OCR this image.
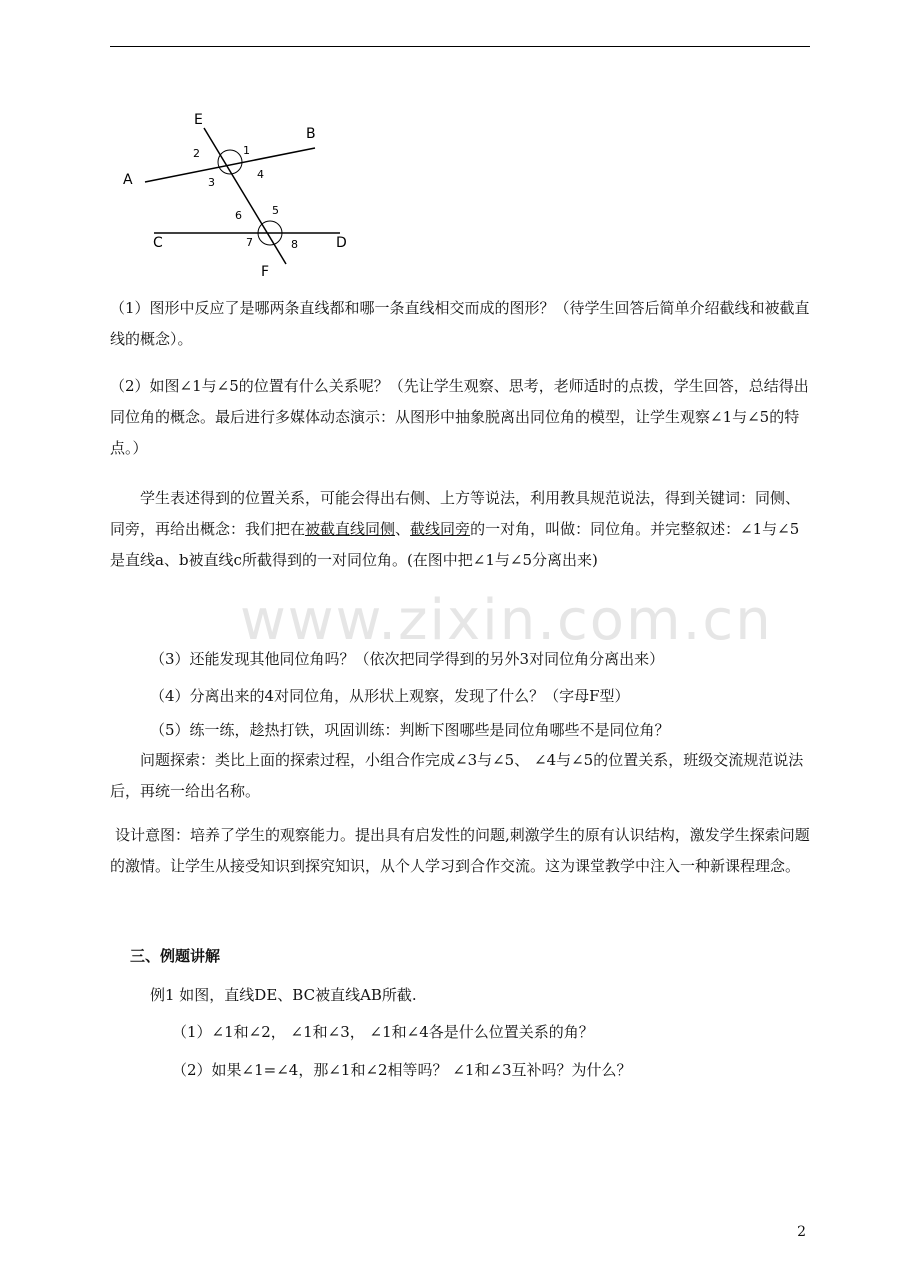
E
B
A
C	D
F
1
2
3
4
5
6
7	8

（1）图形中反应了是哪两条直线都和哪一条直线相交而成的图形？（待学生回答后简单介绍截线和被截直线的概念）。

（2）如图∠1与∠5的位置有什么关系呢？（先让学生观察、思考，老师适时的点拨，学生回答，总结得出同位角的概念。最后进行多媒体动态演示：从图形中抽象脱离出同位角的模型，让学生观察∠1与∠5的特点。）

学生表述得到的位置关系，可能会得出右侧、上方等说法，利用教具规范说法，得到关键词：同侧、同旁，再给出概念：我们把在被截直线同侧、截线同旁的一对角，叫做：同位角。并完整叙述：∠1与∠5是直线a、b被直线c所截得到的一对同位角。(在图中把∠1与∠5分离出来)

www.zixin.com.cn

（3）还能发现其他同位角吗？（依次把同学得到的另外3对同位角分离出来）

（4）分离出来的4对同位角，从形状上观察，发现了什么？（字母F型）

（5）练一练，趁热打铁，巩固训练：判断下图哪些是同位角哪些不是同位角？

问题探索：类比上面的探索过程，小组合作完成∠3与∠5、 ∠4与∠5的位置关系，班级交流规范说法后，再统一给出名称。

设计意图：培养了学生的观察能力。提出具有启发性的问题,刺激学生的原有认识结构，激发学生探索问题的激情。让学生从接受知识到探究知识，从个人学习到合作交流。这为课堂教学中注入一种新课程理念。

三、例题讲解

例1 如图，直线DE、BC被直线AB所截.

（1）∠1和∠2， ∠1和∠3， ∠1和∠4各是什么位置关系的角？

（2）如果∠1=∠4，那∠1和∠2相等吗？ ∠1和∠3互补吗？为什么？

2
